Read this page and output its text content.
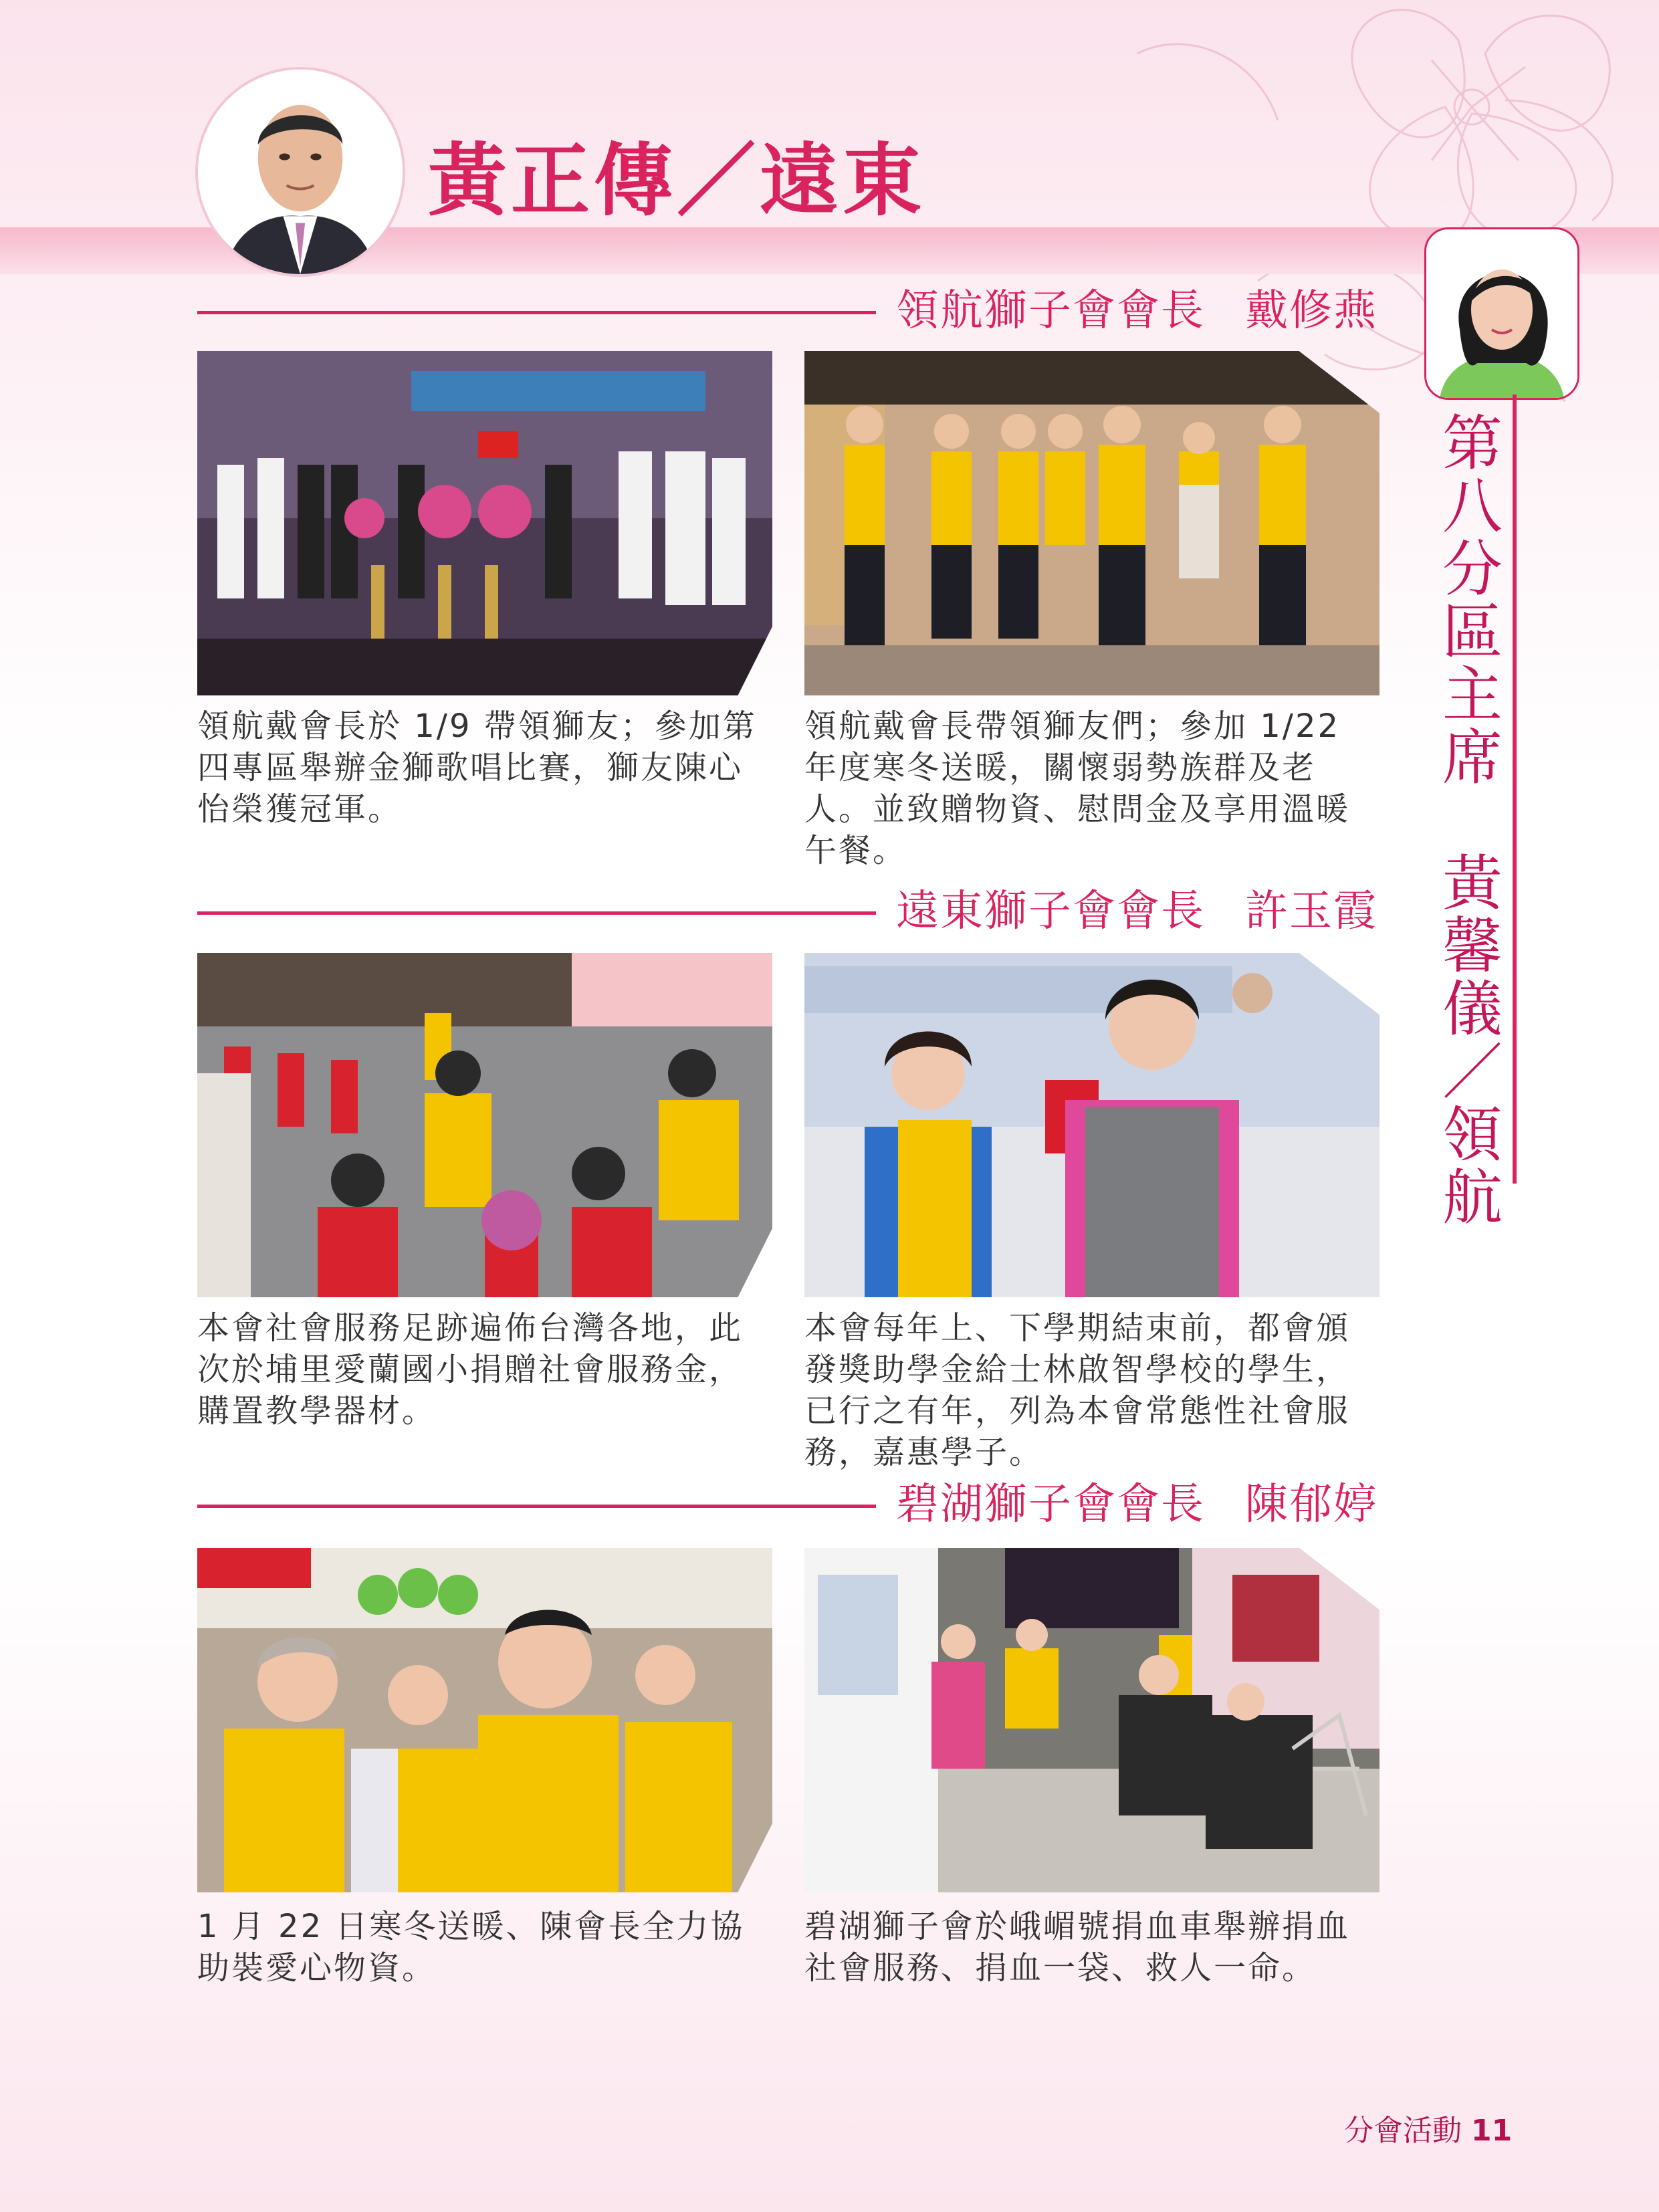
黃正傳／遠東
第八分區主席　黃馨儀／領航
領航獅子會會長 戴修燕
領航戴會長於 1/9 帶領獅友；參加第四專區舉辦金獅歌唱比賽，獅友陳心怡榮獲冠軍。
領航戴會長帶領獅友們；參加 1/22 年度寒冬送暖，關懷弱勢族群及老人。並致贈物資、慰問金及享用溫暖午餐。
遠東獅子會會長 許玉霞
本會社會服務足跡遍佈台灣各地，此次於埔里愛蘭國小捐贈社會服務金，購置教學器材。
本會每年上、下學期結束前，都會頒發獎助學金給士林啟智學校的學生，已行之有年，列為本會常態性社會服務，嘉惠學子。
碧湖獅子會會長 陳郁婷
1 月 22 日寒冬送暖、陳會長全力協助裝愛心物資。
碧湖獅子會於峨嵋號捐血車舉辦捐血社會服務、捐血一袋、救人一命。
分會活動 11
